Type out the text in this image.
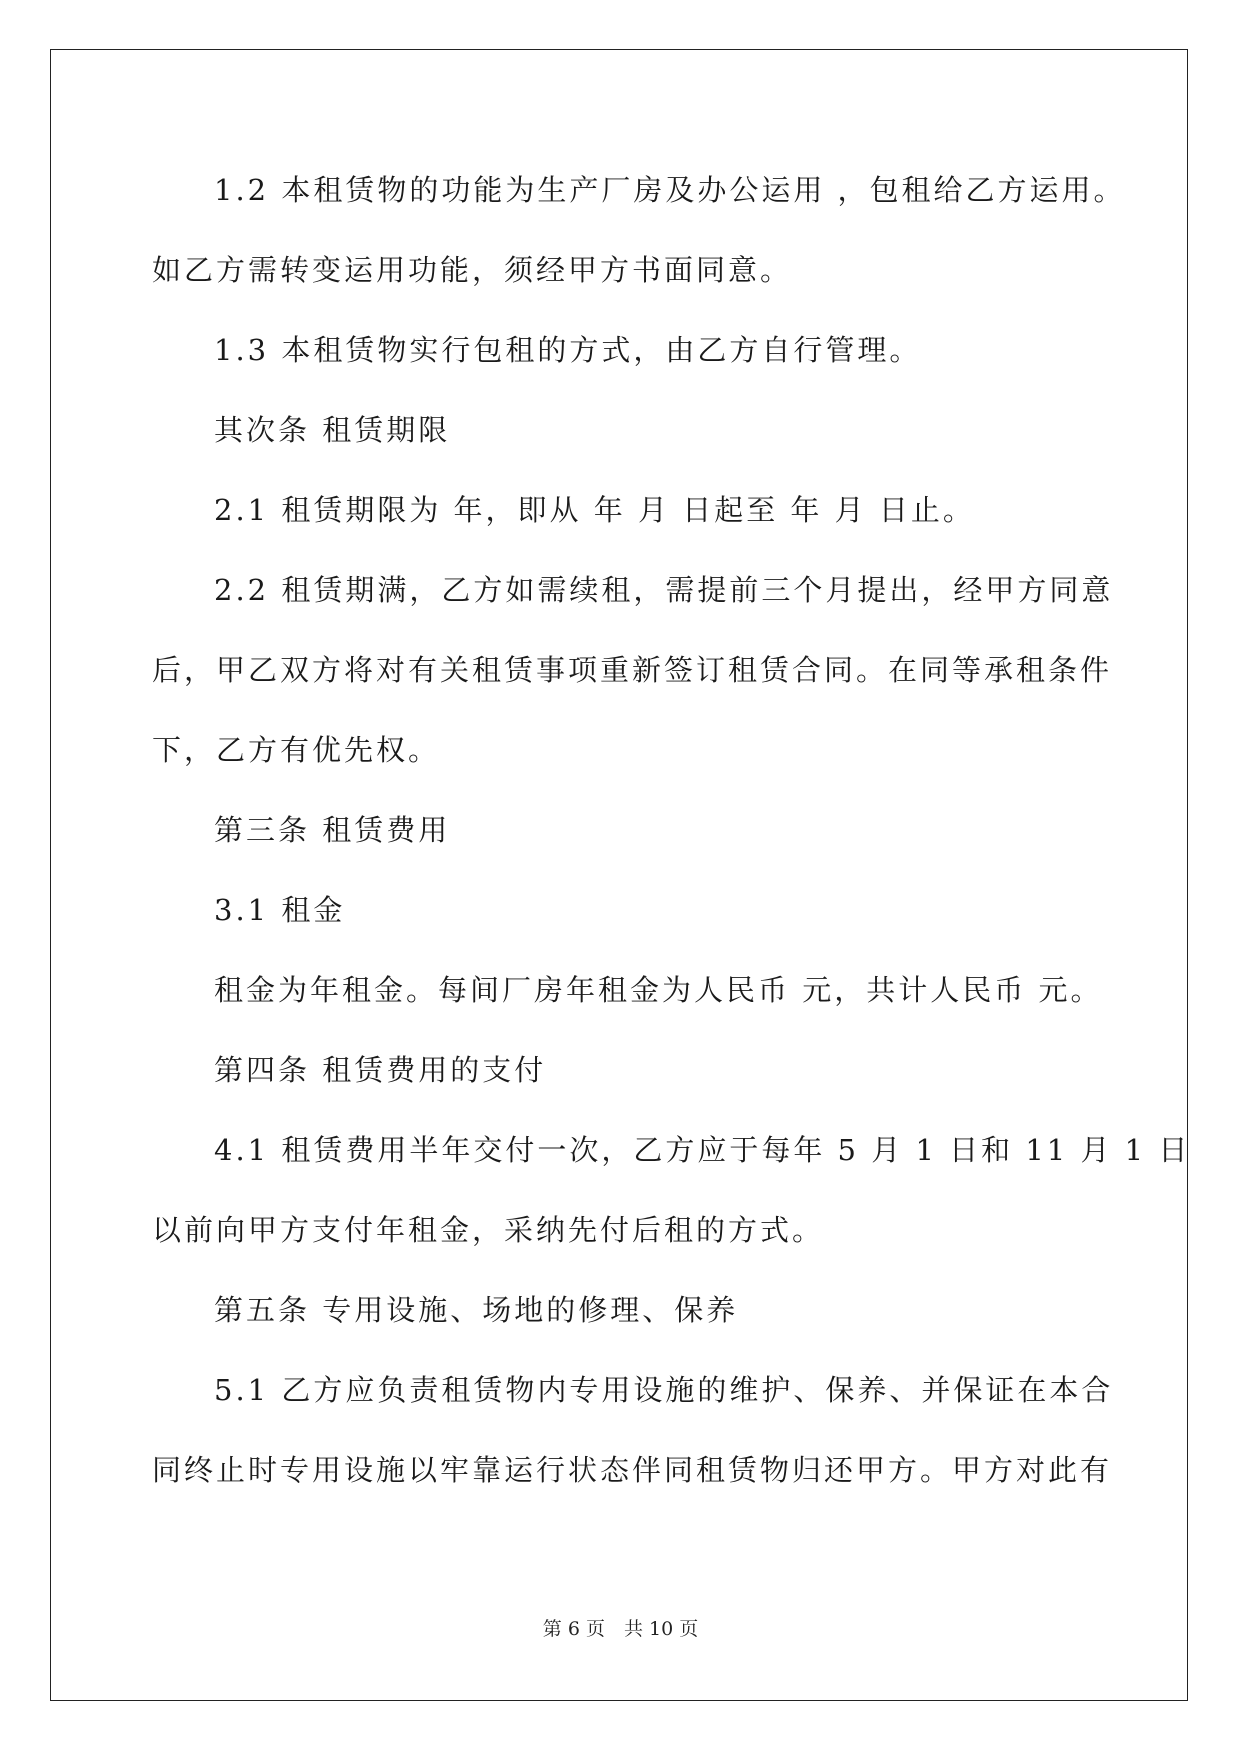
1.2 本租赁物的功能为生产厂房及办公运用 ，包租给乙方运用。
如乙方需转变运用功能，须经甲方书面同意。
1.3 本租赁物实行包租的方式，由乙方自行管理。
其次条 租赁期限
2.1 租赁期限为 年，即从 年 月 日起至 年 月 日止。
2.2 租赁期满，乙方如需续租，需提前三个月提出，经甲方同意
后，甲乙双方将对有关租赁事项重新签订租赁合同。在同等承租条件
下，乙方有优先权。
第三条 租赁费用
3.1 租金
租金为年租金。每间厂房年租金为人民币 元，共计人民币 元。
第四条 租赁费用的支付
4.1 租赁费用半年交付一次，乙方应于每年 5 月 1 日和 11 月 1 日
以前向甲方支付年租金，采纳先付后租的方式。
第五条 专用设施、场地的修理、保养
5.1 乙方应负责租赁物内专用设施的维护、保养、并保证在本合
同终止时专用设施以牢靠运行状态伴同租赁物归还甲方。甲方对此有
第 6 页　共 10 页
